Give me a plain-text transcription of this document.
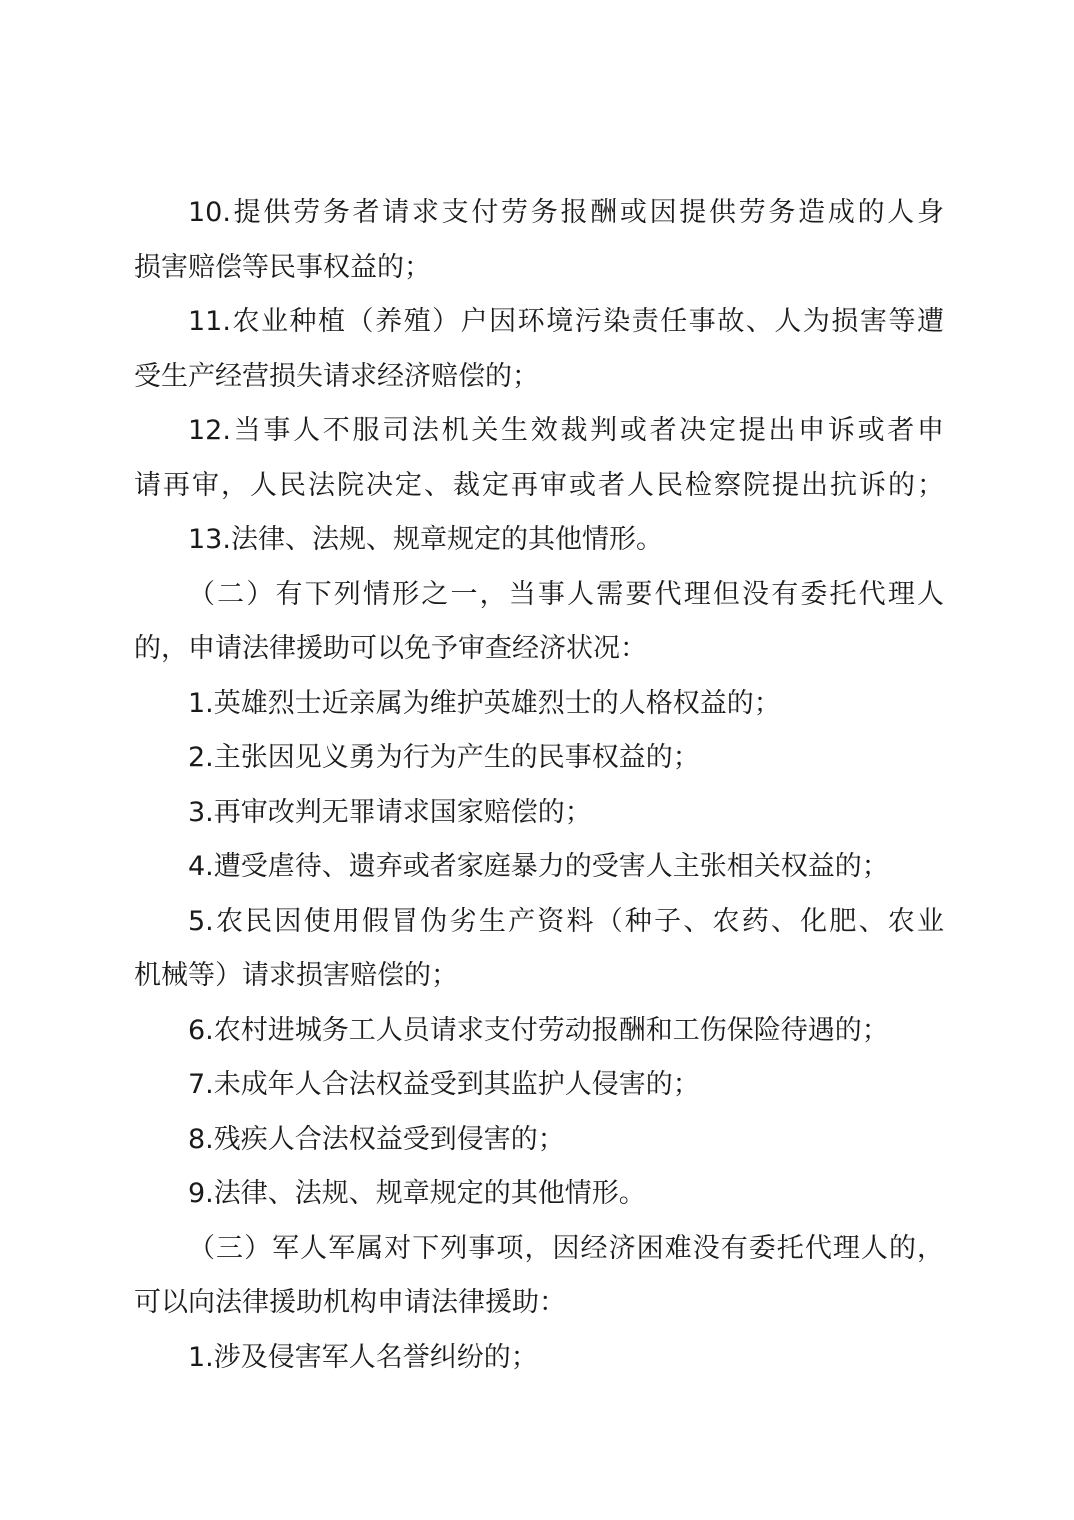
10.提供劳务者请求支付劳务报酬或因提供劳务造成的人身
损害赔偿等民事权益的；
11.农业种植（养殖）户因环境污染责任事故、人为损害等遭
受生产经营损失请求经济赔偿的；
12.当事人不服司法机关生效裁判或者决定提出申诉或者申
请再审，人民法院决定、裁定再审或者人民检察院提出抗诉的；
13.法律、法规、规章规定的其他情形。
（二）有下列情形之一，当事人需要代理但没有委托代理人
的，申请法律援助可以免予审查经济状况：
1.英雄烈士近亲属为维护英雄烈士的人格权益的；
2.主张因见义勇为行为产生的民事权益的；
3.再审改判无罪请求国家赔偿的；
4.遭受虐待、遗弃或者家庭暴力的受害人主张相关权益的；
5.农民因使用假冒伪劣生产资料（种子、农药、化肥、农业
机械等）请求损害赔偿的；
6.农村进城务工人员请求支付劳动报酬和工伤保险待遇的；
7.未成年人合法权益受到其监护人侵害的；
8.残疾人合法权益受到侵害的；
9.法律、法规、规章规定的其他情形。
（三）军人军属对下列事项，因经济困难没有委托代理人的，
可以向法律援助机构申请法律援助：
1.涉及侵害军人名誉纠纷的；
